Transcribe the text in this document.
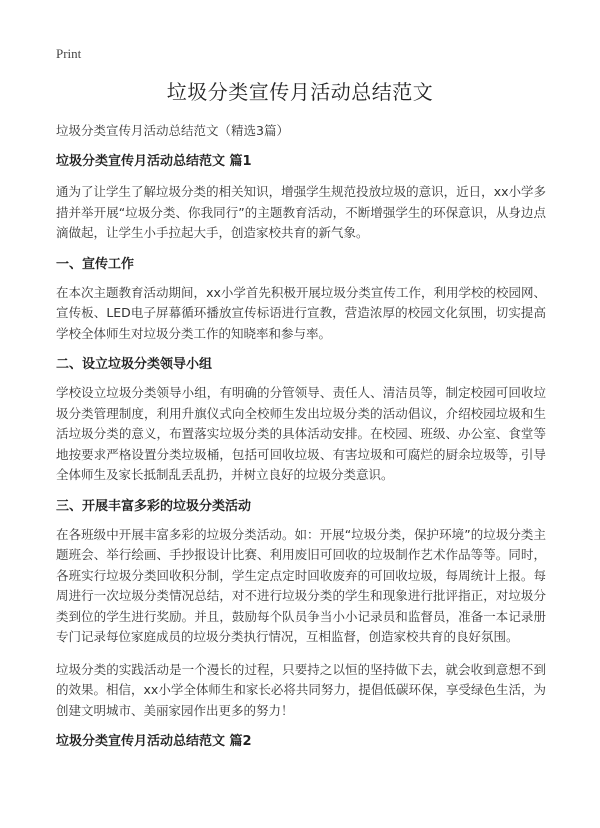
Print
垃圾分类宣传月活动总结范文

垃圾分类宣传月活动总结范文（精选3篇）

垃圾分类宣传月活动总结范文 篇1

通为了让学生了解垃圾分类的相关知识，增强学生规范投放垃圾的意识，近日，xx小学多措并举开展“垃圾分类、你我同行”的主题教育活动，不断增强学生的环保意识，从身边点滴做起，让学生小手拉起大手，创造家校共育的新气象。

一、宣传工作

在本次主题教育活动期间，xx小学首先积极开展垃圾分类宣传工作，利用学校的校园网、宣传板、LED电子屏幕循环播放宣传标语进行宣教，营造浓厚的校园文化氛围，切实提高学校全体师生对垃圾分类工作的知晓率和参与率。

二、设立垃圾分类领导小组

学校设立垃圾分类领导小组，有明确的分管领导、责任人、清洁员等，制定校园可回收垃圾分类管理制度，利用升旗仪式向全校师生发出垃圾分类的活动倡议，介绍校园垃圾和生活垃圾分类的意义，布置落实垃圾分类的具体活动安排。在校园、班级、办公室、食堂等地按要求严格设置分类垃圾桶，包括可回收垃圾、有害垃圾和可腐烂的厨余垃圾等，引导全体师生及家长抵制乱丢乱扔，并树立良好的垃圾分类意识。

三、开展丰富多彩的垃圾分类活动

在各班级中开展丰富多彩的垃圾分类活动。如：开展“垃圾分类，保护环境”的垃圾分类主题班会、举行绘画、手抄报设计比赛、利用废旧可回收的垃圾制作艺术作品等等。同时，各班实行垃圾分类回收积分制，学生定点定时回收废弃的可回收垃圾，每周统计上报。每周进行一次垃圾分类情况总结，对不进行垃圾分类的学生和现象进行批评指正，对垃圾分类到位的学生进行奖励。并且，鼓励每个队员争当小小记录员和监督员，准备一本记录册专门记录每位家庭成员的垃圾分类执行情况，互相监督，创造家校共育的良好氛围。

垃圾分类的实践活动是一个漫长的过程，只要持之以恒的坚持做下去，就会收到意想不到的效果。相信，xx小学全体师生和家长必将共同努力，提倡低碳环保，享受绿色生活，为创建文明城市、美丽家园作出更多的努力！

垃圾分类宣传月活动总结范文 篇2
